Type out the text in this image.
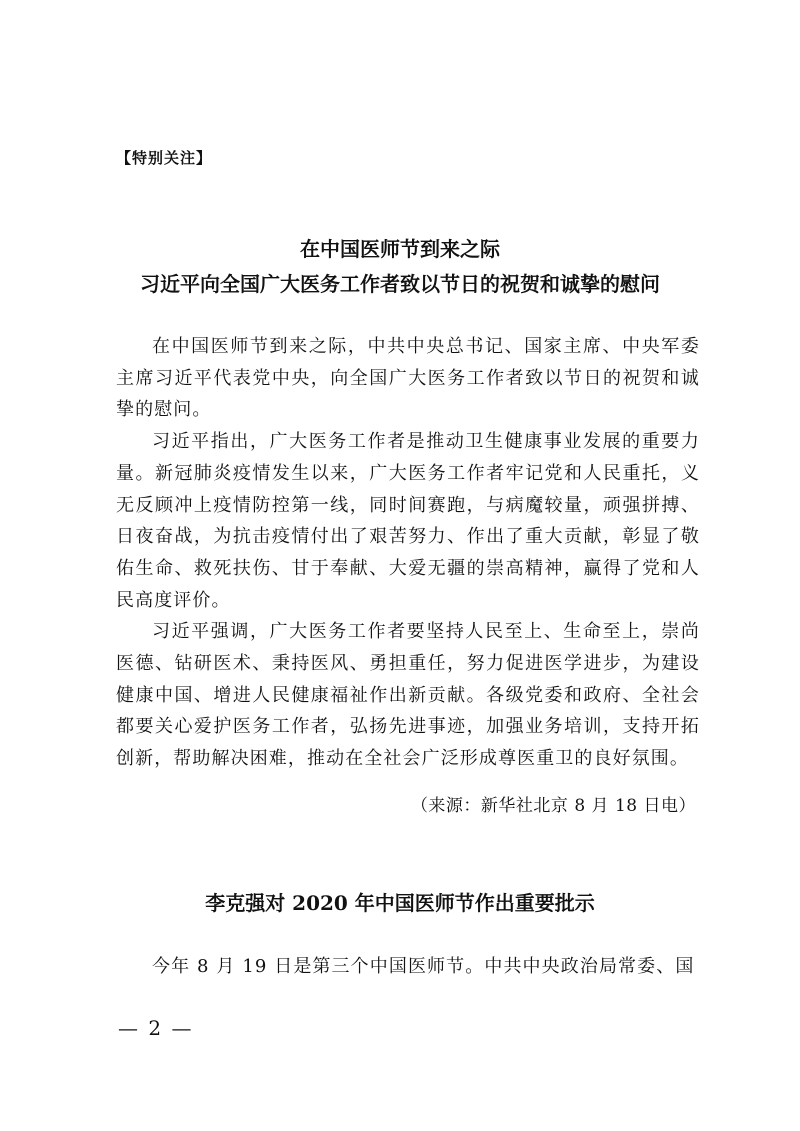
【特别关注】
在中国医师节到来之际
习近平向全国广大医务工作者致以节日的祝贺和诚挚的慰问

在中国医师节到来之际，中共中央总书记、国家主席、中央军委主席习近平代表党中央，向全国广大医务工作者致以节日的祝贺和诚挚的慰问。

习近平指出，广大医务工作者是推动卫生健康事业发展的重要力量。新冠肺炎疫情发生以来，广大医务工作者牢记党和人民重托，义无反顾冲上疫情防控第一线，同时间赛跑，与病魔较量，顽强拼搏、日夜奋战，为抗击疫情付出了艰苦努力、作出了重大贡献，彰显了敬佑生命、救死扶伤、甘于奉献、大爱无疆的崇高精神，赢得了党和人民高度评价。

习近平强调，广大医务工作者要坚持人民至上、生命至上，崇尚医德、钻研医术、秉持医风、勇担重任，努力促进医学进步，为建设健康中国、增进人民健康福祉作出新贡献。各级党委和政府、全社会都要关心爱护医务工作者，弘扬先进事迹，加强业务培训，支持开拓创新，帮助解决困难，推动在全社会广泛形成尊医重卫的良好氛围。

（来源：新华社北京 8 月 18 日电）
李克强对 2020 年中国医师节作出重要批示

今年 8 月 19 日是第三个中国医师节。中共中央政治局常委、国

— 2 —
